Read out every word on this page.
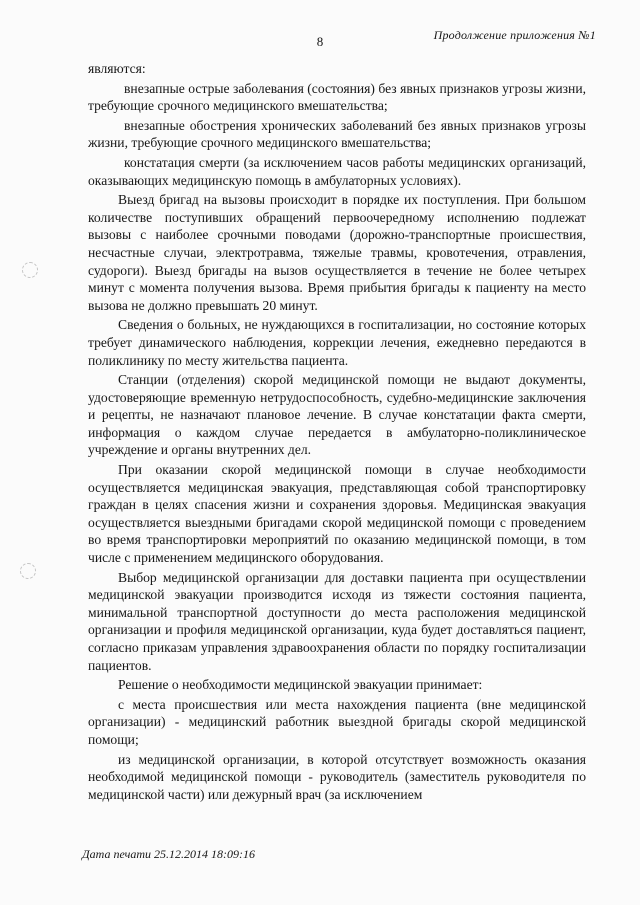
8	Продолжение приложения №1

являются:

внезапные острые заболевания (состояния) без явных признаков угрозы жизни, требующие срочного медицинского вмешательства;

внезапные обострения хронических заболеваний без явных признаков угрозы жизни, требующие срочного медицинского вмешательства;

констатация смерти (за исключением часов работы медицинских организаций, оказывающих медицинскую помощь в амбулаторных условиях).

Выезд бригад на вызовы происходит в порядке их поступления. При большом количестве поступивших обращений первоочередному исполнению подлежат вызовы с наиболее срочными поводами (дорожно-транспортные происшествия, несчастные случаи, электротравма, тяжелые травмы, кровотечения, отравления, судороги). Выезд бригады на вызов осуществляется в течение не более четырех минут с момента получения вызова. Время прибытия бригады к пациенту на место вызова не должно превышать 20 минут.

Сведения о больных, не нуждающихся в госпитализации, но состояние которых требует динамического наблюдения, коррекции лечения, ежедневно передаются в поликлинику по месту жительства пациента.

Станции (отделения) скорой медицинской помощи не выдают документы, удостоверяющие временную нетрудоспособность, судебно-медицинские заключения и рецепты, не назначают плановое лечение. В случае констатации факта смерти, информация о каждом случае передается в амбулаторно-поликлиническое учреждение и органы внутренних дел.

При оказании скорой медицинской помощи в случае необходимости осуществляется медицинская эвакуация, представляющая собой транспортировку граждан в целях спасения жизни и сохранения здоровья. Медицинская эвакуация осуществляется выездными бригадами скорой медицинской помощи с проведением во время транспортировки мероприятий по оказанию медицинской помощи, в том числе с применением медицинского оборудования.

Выбор медицинской организации для доставки пациента при осуществлении медицинской эвакуации производится исходя из тяжести состояния пациента, минимальной транспортной доступности до места расположения медицинской организации и профиля медицинской организации, куда будет доставляться пациент, согласно приказам управления здравоохранения области по порядку госпитализации пациентов.

Решение о необходимости медицинской эвакуации принимает:

с места происшествия или места нахождения пациента (вне медицинской организации) - медицинский работник выездной бригады скорой медицинской помощи;

из медицинской организации, в которой отсутствует возможность оказания необходимой медицинской помощи - руководитель (заместитель руководителя по медицинской части) или дежурный врач (за исключением

Дата печати 25.12.2014 18:09:16
